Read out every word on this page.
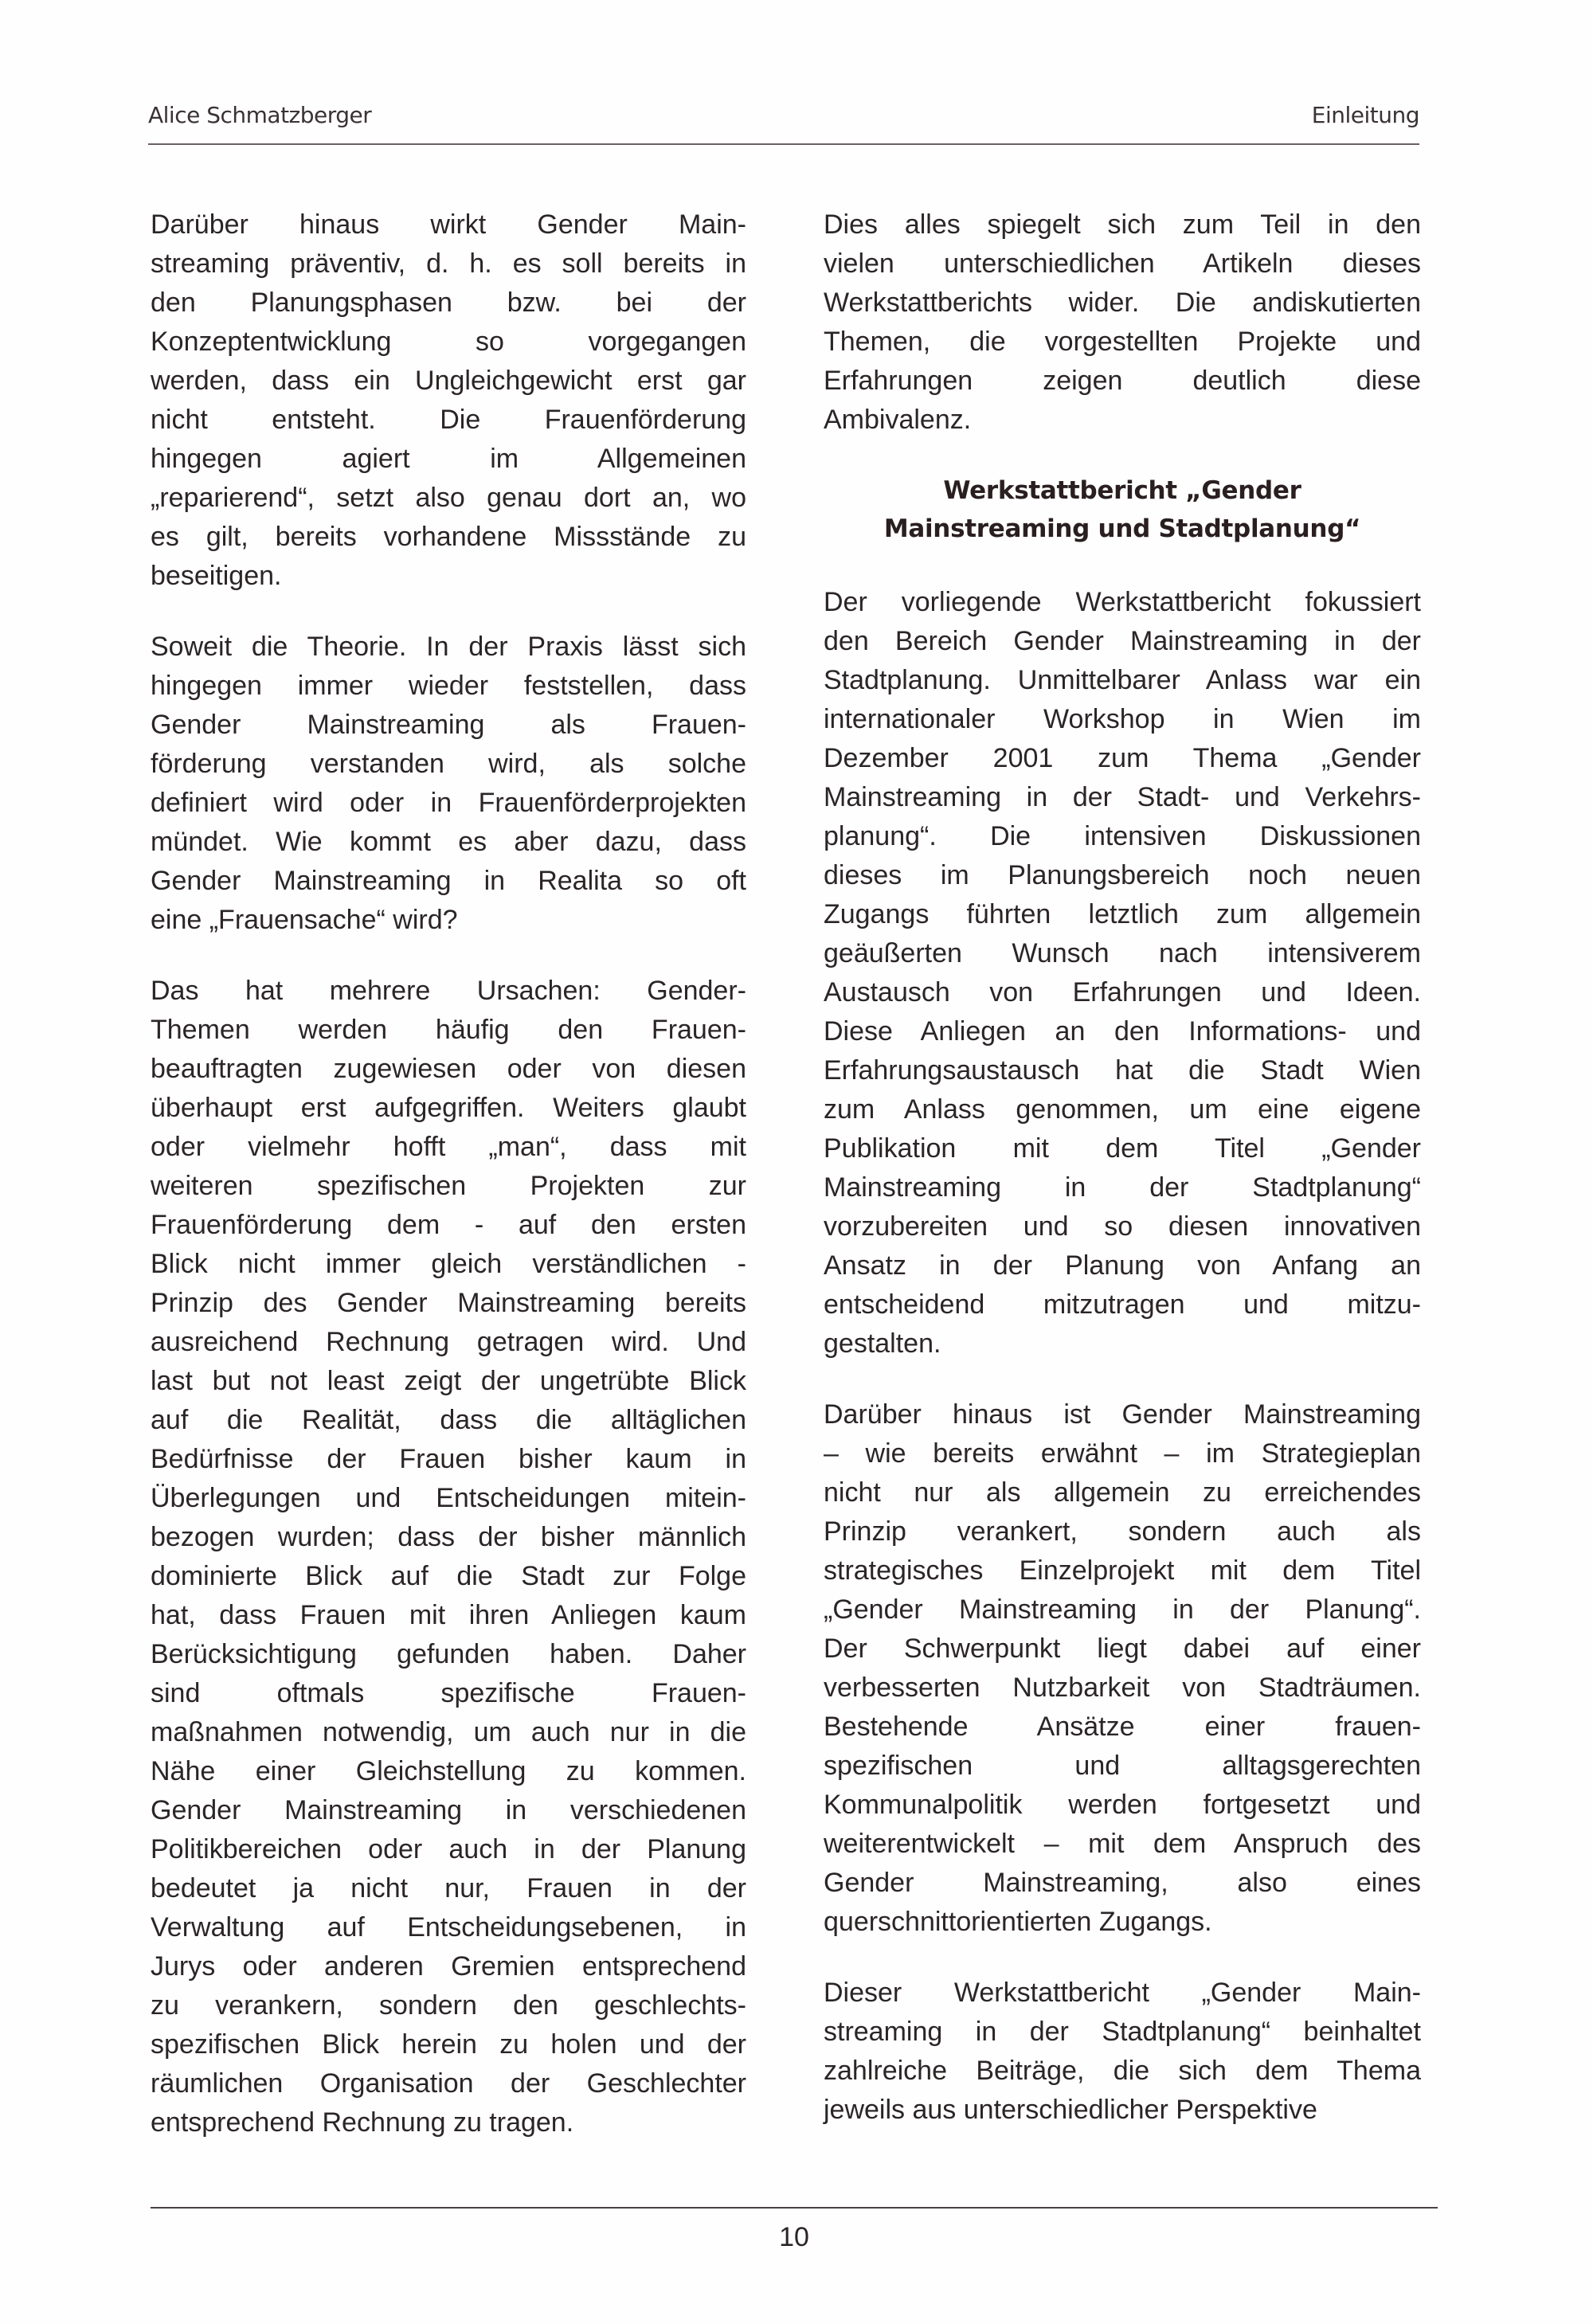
Alice Schmatzberger	Einleitung
Darüber hinaus wirkt Gender Main-
streaming präventiv, d. h. es soll bereits in
den Planungsphasen bzw. bei der
Konzeptentwicklung so vorgegangen
werden, dass ein Ungleichgewicht erst gar
nicht entsteht. Die Frauenförderung
hingegen agiert im Allgemeinen
„reparierend“, setzt also genau dort an, wo
es gilt, bereits vorhandene Missstände zu
beseitigen.
Soweit die Theorie. In der Praxis lässt sich
hingegen immer wieder feststellen, dass
Gender Mainstreaming als Frauen-
förderung verstanden wird, als solche
definiert wird oder in Frauenförderprojekten
mündet. Wie kommt es aber dazu, dass
Gender Mainstreaming in Realita so oft
eine „Frauensache“ wird?
Das hat mehrere Ursachen: Gender-
Themen werden häufig den Frauen-
beauftragten zugewiesen oder von diesen
überhaupt erst aufgegriffen. Weiters glaubt
oder vielmehr hofft „man“, dass mit
weiteren spezifischen Projekten zur
Frauenförderung dem - auf den ersten
Blick nicht immer gleich verständlichen -
Prinzip des Gender Mainstreaming bereits
ausreichend Rechnung getragen wird. Und
last but not least zeigt der ungetrübte Blick
auf die Realität, dass die alltäglichen
Bedürfnisse der Frauen bisher kaum in
Überlegungen und Entscheidungen mitein-
bezogen wurden; dass der bisher männlich
dominierte Blick auf die Stadt zur Folge
hat, dass Frauen mit ihren Anliegen kaum
Berücksichtigung gefunden haben. Daher
sind oftmals spezifische Frauen-
maßnahmen notwendig, um auch nur in die
Nähe einer Gleichstellung zu kommen.
Gender Mainstreaming in verschiedenen
Politikbereichen oder auch in der Planung
bedeutet ja nicht nur, Frauen in der
Verwaltung auf Entscheidungsebenen, in
Jurys oder anderen Gremien entsprechend
zu verankern, sondern den geschlechts-
spezifischen Blick herein zu holen und der
räumlichen Organisation der Geschlechter
entsprechend Rechnung zu tragen.
Dies alles spiegelt sich zum Teil in den
vielen unterschiedlichen Artikeln dieses
Werkstattberichts wider. Die andiskutierten
Themen, die vorgestellten Projekte und
Erfahrungen zeigen deutlich diese
Ambivalenz.
Werkstattbericht „Gender
Mainstreaming und Stadtplanung“
Der vorliegende Werkstattbericht fokussiert
den Bereich Gender Mainstreaming in der
Stadtplanung. Unmittelbarer Anlass war ein
internationaler Workshop in Wien im
Dezember 2001 zum Thema „Gender
Mainstreaming in der Stadt- und Verkehrs-
planung“. Die intensiven Diskussionen
dieses im Planungsbereich noch neuen
Zugangs führten letztlich zum allgemein
geäußerten Wunsch nach intensiverem
Austausch von Erfahrungen und Ideen.
Diese Anliegen an den Informations- und
Erfahrungsaustausch hat die Stadt Wien
zum Anlass genommen, um eine eigene
Publikation mit dem Titel „Gender
Mainstreaming in der Stadtplanung“
vorzubereiten und so diesen innovativen
Ansatz in der Planung von Anfang an
entscheidend mitzutragen und mitzu-
gestalten.
Darüber hinaus ist Gender Mainstreaming
– wie bereits erwähnt – im Strategieplan
nicht nur als allgemein zu erreichendes
Prinzip verankert, sondern auch als
strategisches Einzelprojekt mit dem Titel
„Gender Mainstreaming in der Planung“.
Der Schwerpunkt liegt dabei auf einer
verbesserten Nutzbarkeit von Stadträumen.
Bestehende Ansätze einer frauen-
spezifischen und alltagsgerechten
Kommunalpolitik werden fortgesetzt und
weiterentwickelt – mit dem Anspruch des
Gender Mainstreaming, also eines
querschnittorientierten Zugangs.
Dieser Werkstattbericht „Gender Main-
streaming in der Stadtplanung“ beinhaltet
zahlreiche Beiträge, die sich dem Thema
jeweils aus unterschiedlicher Perspektive
10
